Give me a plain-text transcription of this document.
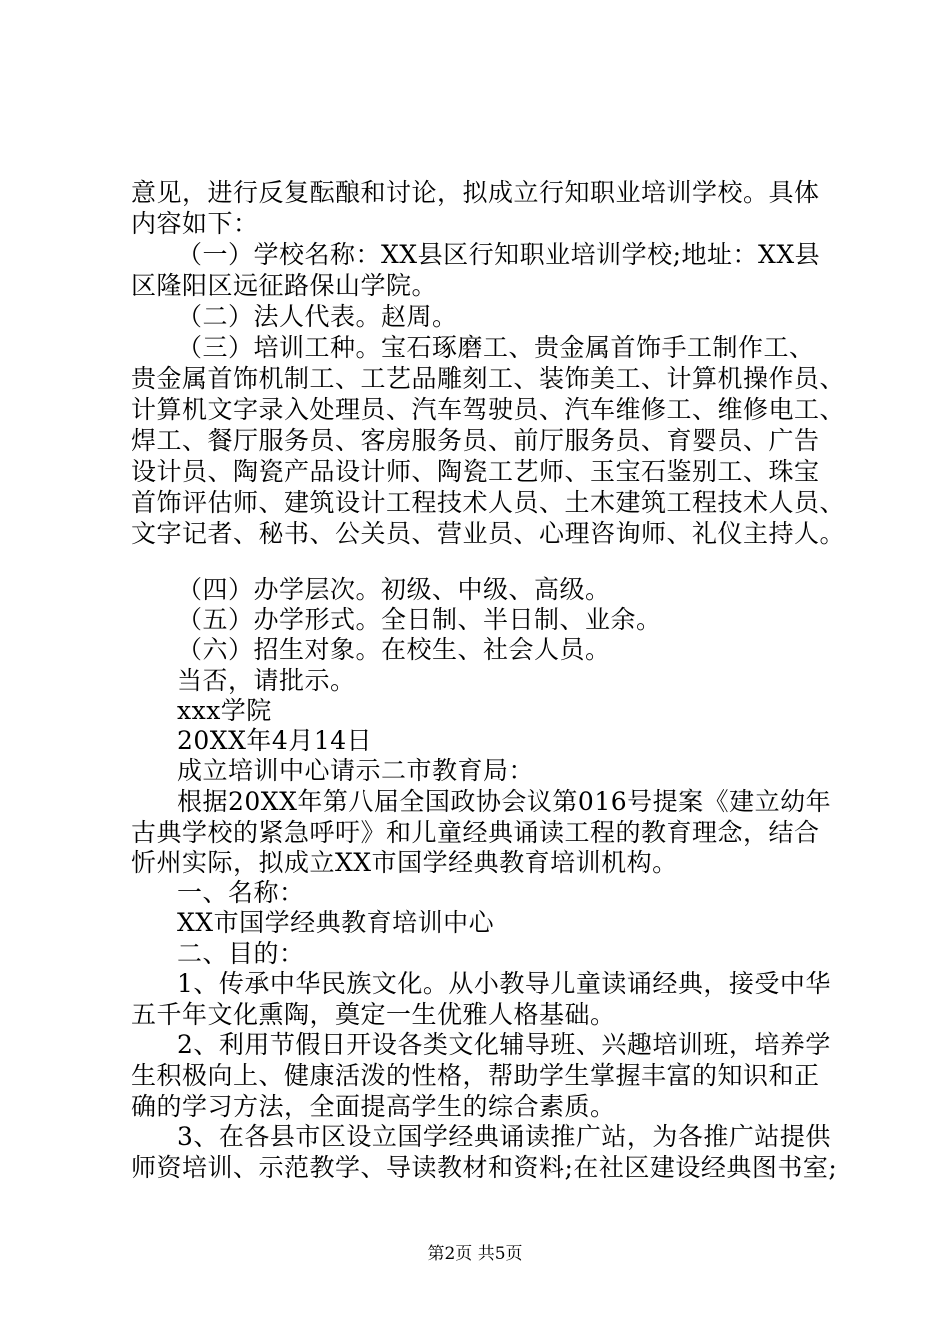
意见，进行反复酝酿和讨论，拟成立行知职业培训学校。具体
内容如下：
（一）学校名称：XX县区行知职业培训学校;地址：XX县
区隆阳区远征路保山学院。
（二）法人代表。赵周。
（三）培训工种。宝石琢磨工、贵金属首饰手工制作工、
贵金属首饰机制工、工艺品雕刻工、装饰美工、计算机操作员、
计算机文字录入处理员、汽车驾驶员、汽车维修工、维修电工、
焊工、餐厅服务员、客房服务员、前厅服务员、育婴员、广告
设计员、陶瓷产品设计师、陶瓷工艺师、玉宝石鉴别工、珠宝
首饰评估师、建筑设计工程技术人员、土木建筑工程技术人员、
文字记者、秘书、公关员、营业员、心理咨询师、礼仪主持人。
（四）办学层次。初级、中级、高级。
（五）办学形式。全日制、半日制、业余。
（六）招生对象。在校生、社会人员。
当否，请批示。
xxx学院
20XX年4月14日
成立培训中心请示二市教育局：
根据20XX年第八届全国政协会议第016号提案《建立幼年
古典学校的紧急呼吁》和儿童经典诵读工程的教育理念，结合
忻州实际，拟成立XX市国学经典教育培训机构。
一、名称：
XX市国学经典教育培训中心
二、目的：
1、传承中华民族文化。从小教导儿童读诵经典，接受中华
五千年文化熏陶，奠定一生优雅人格基础。
2、利用节假日开设各类文化辅导班、兴趣培训班，培养学
生积极向上、健康活泼的性格，帮助学生掌握丰富的知识和正
确的学习方法，全面提高学生的综合素质。
3、在各县市区设立国学经典诵读推广站，为各推广站提供
师资培训、示范教学、导读教材和资料;在社区建设经典图书室;
第2页 共5页
